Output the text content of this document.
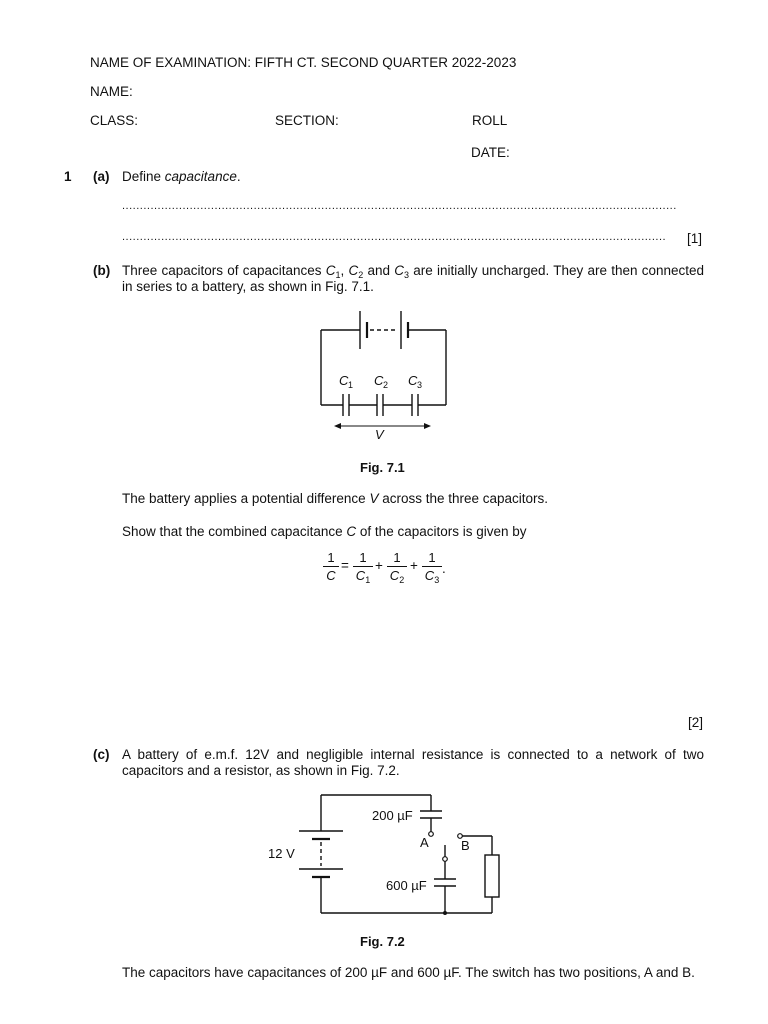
NAME OF EXAMINATION: FIFTH CT. SECOND QUARTER 2022-2023
NAME:
CLASS:	SECTION:	ROLL
DATE:
1 (a) Define capacitance.
............................................................................................................................................................
.........................................................................................................................................................	[1]
(b) Three capacitors of capacitances $C_1$, $C_2$ and $C_3$ are initially uncharged. They are then connected in series to a battery, as shown in Fig. 7.1.
C 1 C 2 C 3
V
200 µF
600 µF
12 V
A B
Fig. 7.1
The battery applies a potential difference V across the three capacitors.
Show that the combined capacitance C of the capacitors is given by
1
C
=
1
$C_1$
+
1
$C_2$
+
1
$C_3$
.
[2]
(c) A battery of e.m.f. 12V and negligible internal resistance is connected to a network of two capacitors and a resistor, as shown in Fig. 7.2.
Fig. 7.2
The capacitors have capacitances of 200 µF and 600 µF. The switch has two positions, A and B.
